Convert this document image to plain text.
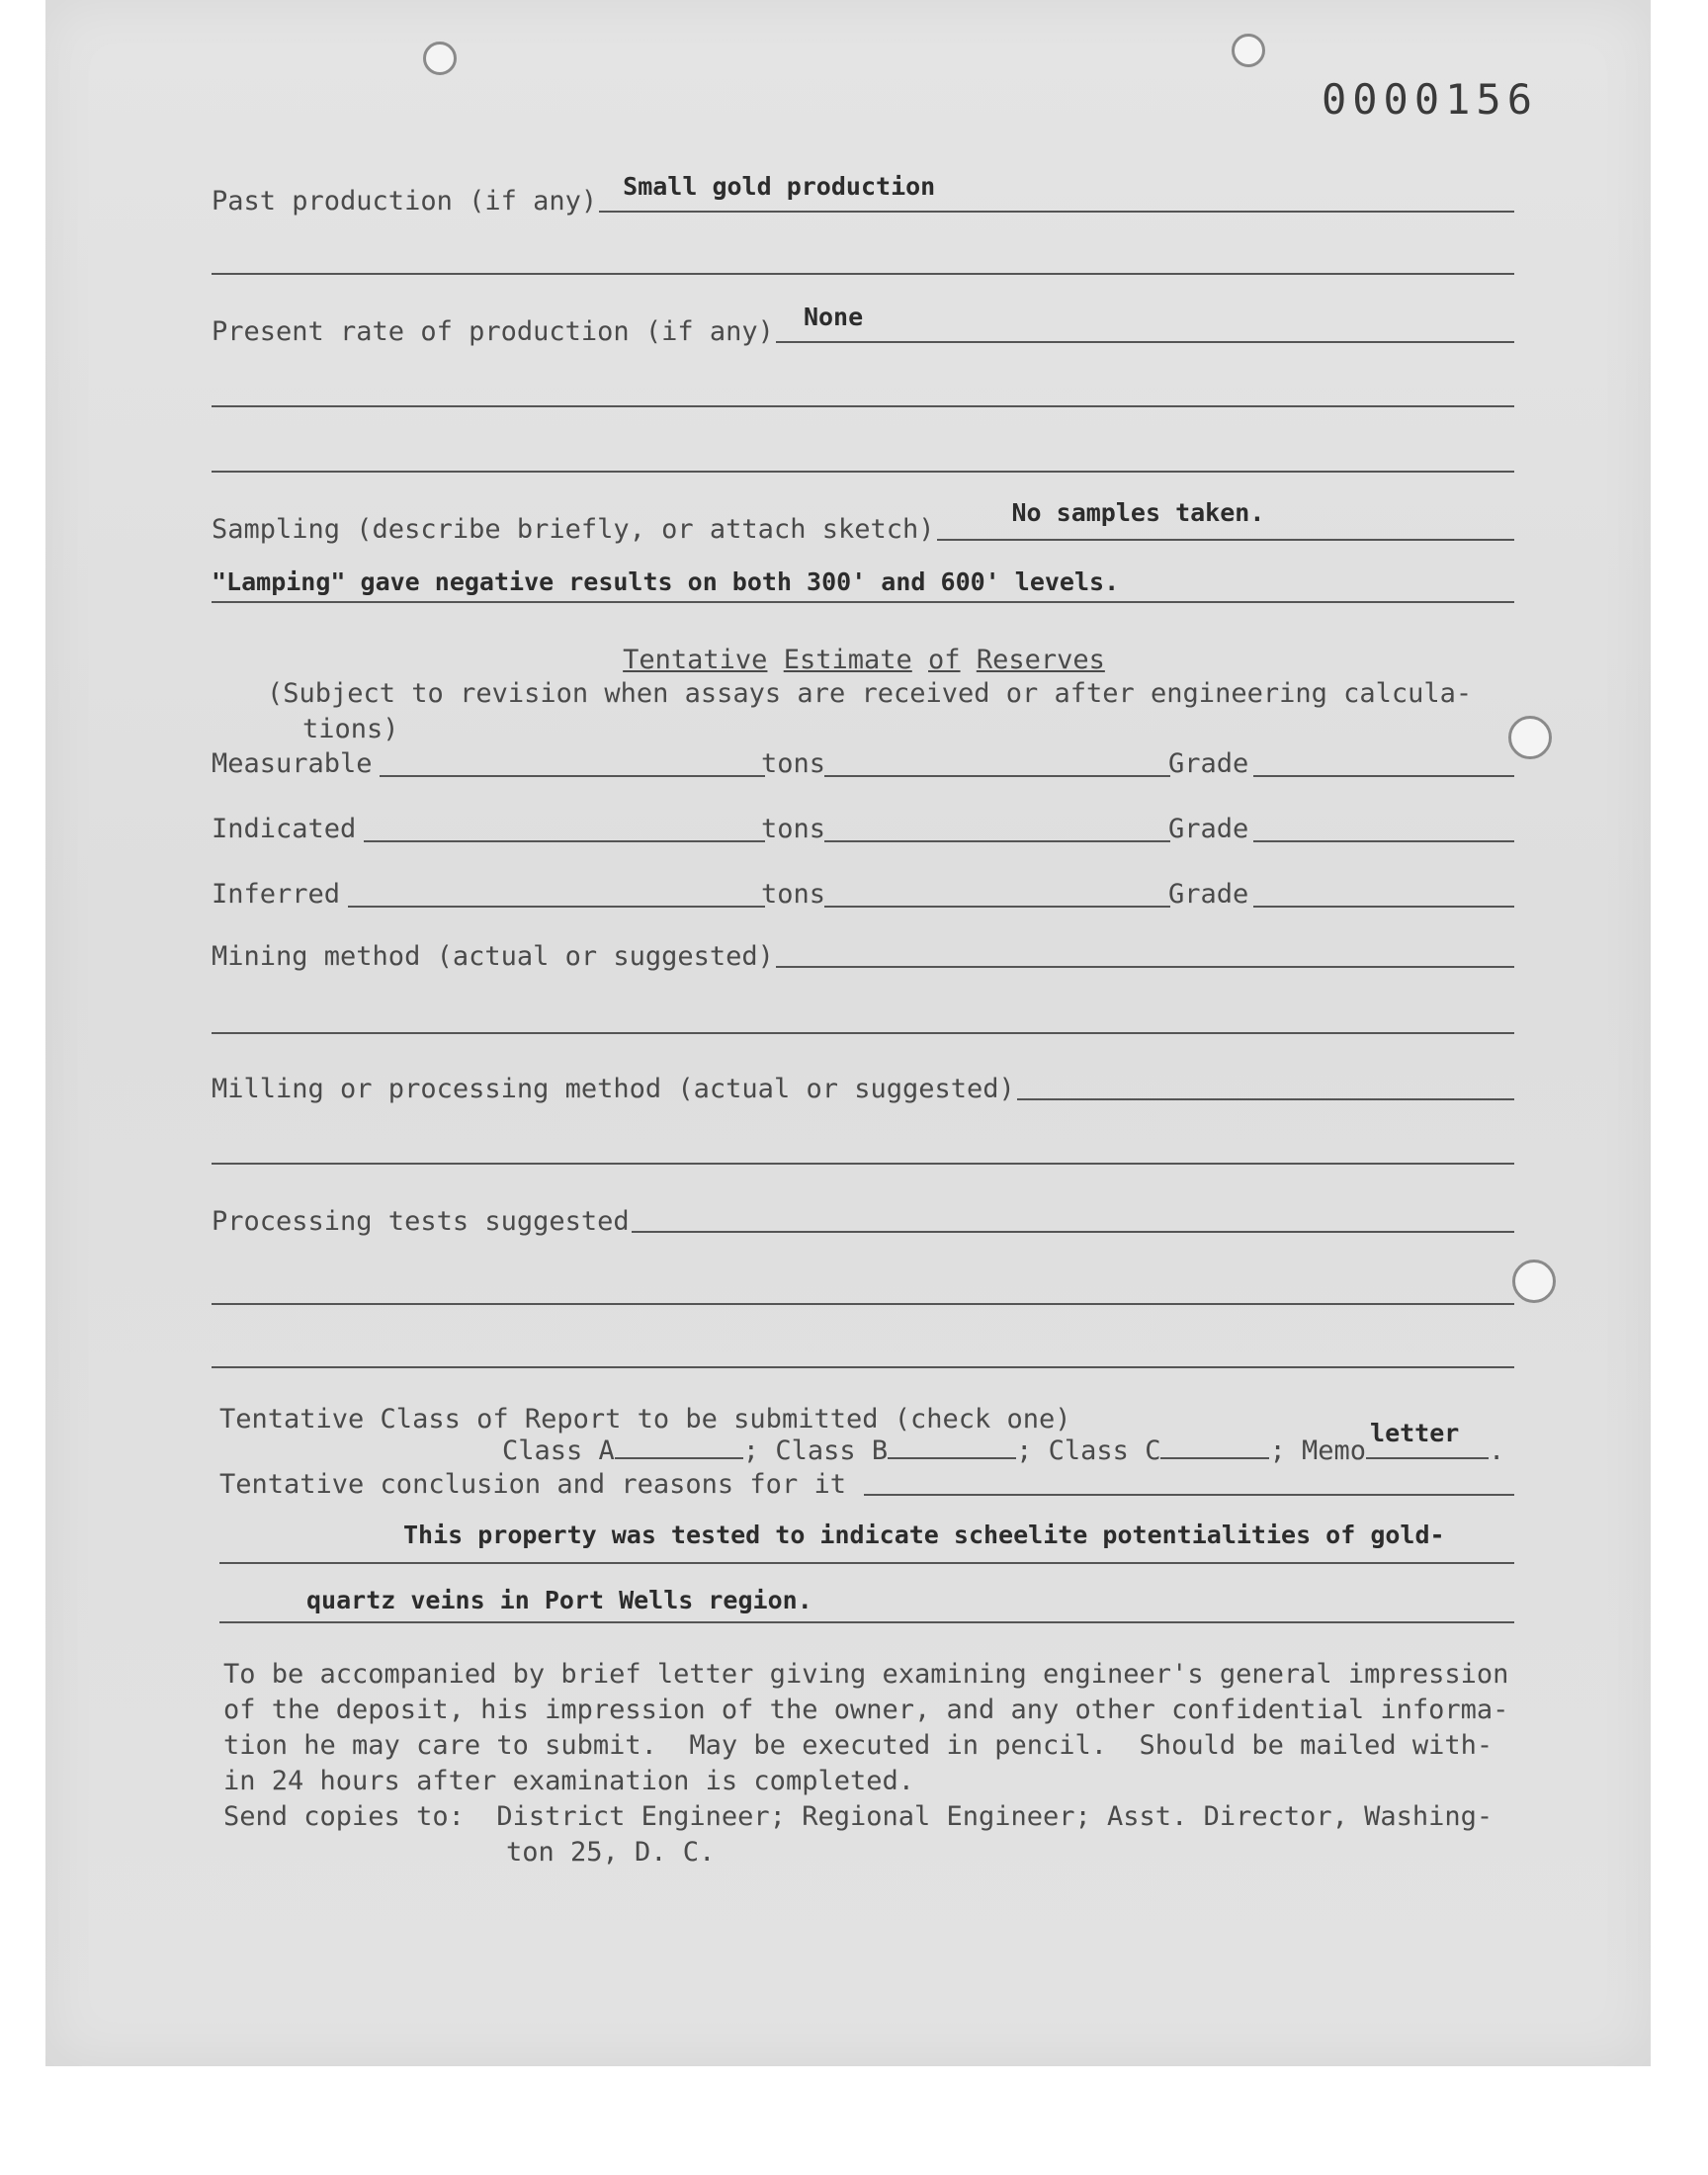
0000156
Past production (if any) Small gold production
Present rate of production (if any) None
Sampling (describe briefly, or attach sketch)
No samples taken.
"Lamping" gave negative results on both 300' and 600' levels.
Tentative Estimate of Reserves
(Subject to revision when assays are received or after engineering calcula-
tions)
Measurable	tons	Grade
Indicated	tons	Grade
Inferred	tons	Grade
Mining method (actual or suggested)
Milling or processing method (actual or suggested)
Processing tests suggested
Tentative Class of Report to be submitted (check one)
Class A	; Class B	; Class C	; Memo
letter
.
Tentative conclusion and reasons for it
This property was tested to indicate scheelite potentialities of gold-
quartz veins in Port Wells region.
To be accompanied by brief letter giving examining engineer's general impression
of the deposit, his impression of the owner, and any other confidential informa-
tion he may care to submit.  May be executed in pencil.  Should be mailed with-
in 24 hours after examination is completed.
Send copies to:  District Engineer; Regional Engineer; Asst. Director, Washing-
ton 25, D. C.
